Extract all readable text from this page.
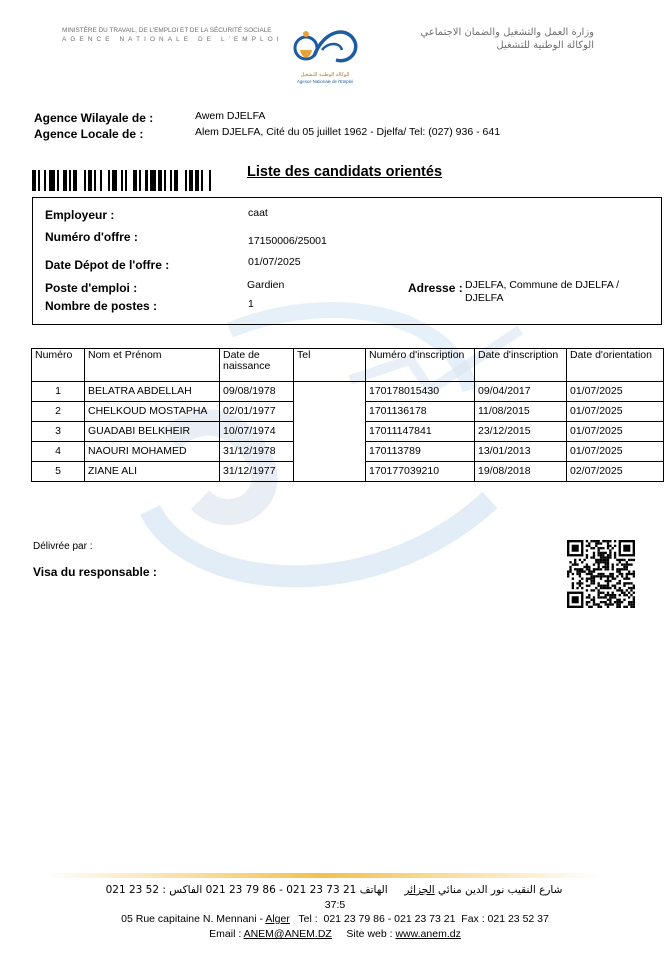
MINISTÈRE DU TRAVAIL, DE L'EMPLOI ET DE LA SÉCURITÉ SOCIALE
AGENCE NATIONALE DE L'EMPLOI
الوكالة الوطنية للتشغيل
Agence Nationale de l'Emploi
وزارة العمل والتشغيل والضمان الاجتماعي
الوكالة الوطنية للتشغيل
Agence Wilayale de :	Awem DJELFA
Agence Locale de :	Alem DJELFA, Cité du 05 juillet 1962 - Djelfa/ Tel: (027) 936 - 641
Liste des candidats orientés
Employeur :	caat
Numéro d'offre :	17150006/25001
Date Dépot de l'offre :	01/07/2025
Poste d'emploi :	Gardien
Nombre de postes :	1
Adresse : DJELFA, Commune de DJELFA /
DJELFA
Numéro	Nom et Prénom	Date de naissance	Tel	Numéro d'inscription	Date d'inscription	Date d'orientation
1	BELATRA ABDELLAH	09/08/1978		170178015430	09/04/2017	01/07/2025
2	CHELKOUD MOSTAPHA	02/01/1977		1701136178	11/08/2015	01/07/2025
3	GUADABI BELKHEIR	10/07/1974		17011147841	23/12/2015	01/07/2025
4	NAOURI MOHAMED	31/12/1978		170113789	13/01/2013	01/07/2025
5	ZIANE ALI	31/12/1977		170177039210	19/08/2018	02/07/2025
Délivrée par :
Visa du responsable :
شارع النقيب نور الدين منائي الجزائر     الهاتف 021 23 79 86 - 021 23 73 21 الفاكس : 021 23 52
37:5
05 Rue capitaine N. Mennani - Alger   Tel :  021 23 79 86 - 021 23 73 21  Fax : 021 23 52 37
Email : ANEM@ANEM.DZ     Site web : www.anem.dz
